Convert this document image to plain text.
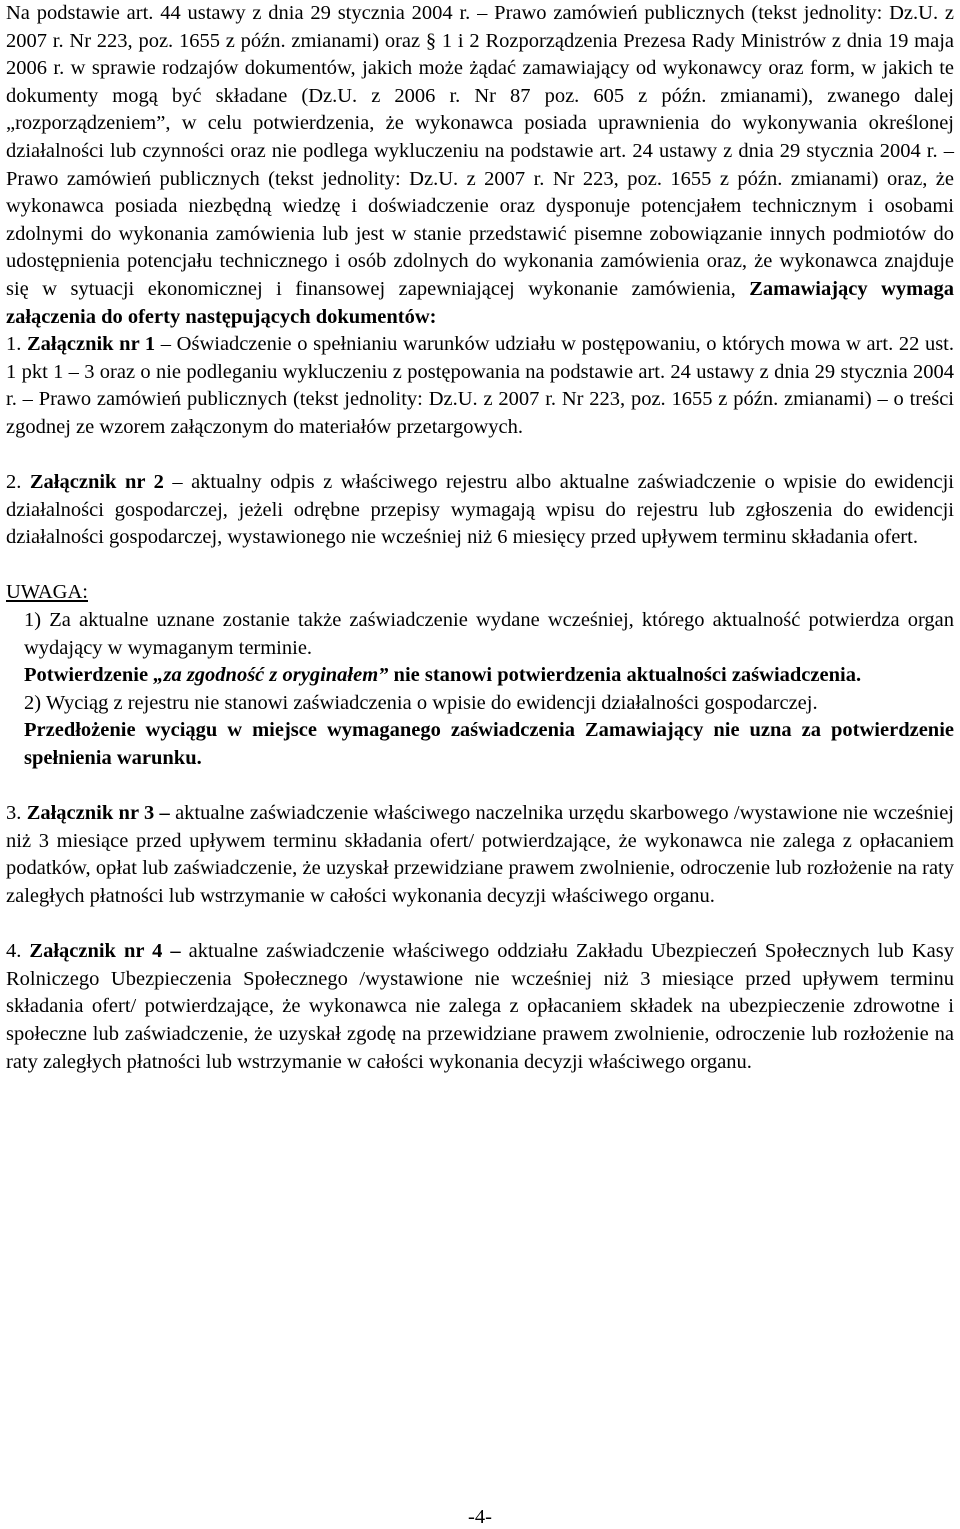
Na podstawie art. 44 ustawy z dnia 29 stycznia 2004 r. – Prawo zamówień publicznych (tekst jednolity: Dz.U. z 2007 r. Nr 223, poz. 1655 z późn. zmianami) oraz § 1 i 2 Rozporządzenia Prezesa Rady Ministrów z dnia 19 maja 2006 r. w sprawie rodzajów dokumentów, jakich może żądać zamawiający od wykonawcy oraz form, w jakich te dokumenty mogą być składane (Dz.U. z 2006 r. Nr 87 poz. 605 z późn. zmianami), zwanego dalej „rozporządzeniem”, w celu potwierdzenia, że wykonawca posiada uprawnienia do wykonywania określonej działalności lub czynności oraz nie podlega wykluczeniu na podstawie art. 24 ustawy z dnia 29 stycznia 2004 r. – Prawo zamówień publicznych (tekst jednolity: Dz.U. z 2007 r. Nr 223, poz. 1655 z późn. zmianami) oraz, że wykonawca posiada niezbędną wiedzę i doświadczenie oraz dysponuje potencjałem technicznym i osobami zdolnymi do wykonania zamówienia lub jest w stanie przedstawić pisemne zobowiązanie innych podmiotów do udostępnienia potencjału technicznego i osób zdolnych do wykonania zamówienia oraz, że wykonawca znajduje się w sytuacji ekonomicznej i finansowej zapewniającej wykonanie zamówienia, Zamawiający wymaga załączenia do oferty następujących dokumentów:

1. Załącznik nr 1 – Oświadczenie o spełnianiu warunków udziału w postępowaniu, o których mowa w art. 22 ust. 1 pkt 1 – 3 oraz o nie podleganiu wykluczeniu z postępowania na podstawie art. 24 ustawy z dnia 29 stycznia 2004 r. – Prawo zamówień publicznych (tekst jednolity: Dz.U. z 2007 r. Nr 223, poz. 1655 z późn. zmianami) – o treści zgodnej ze wzorem załączonym do materiałów przetargowych.

2. Załącznik nr 2 – aktualny odpis z właściwego rejestru albo aktualne zaświadczenie o wpisie do ewidencji działalności gospodarczej, jeżeli odrębne przepisy wymagają wpisu do rejestru lub zgłoszenia do ewidencji działalności gospodarczej, wystawionego nie wcześniej niż 6 miesięcy przed upływem terminu składania ofert.

UWAGA:

1) Za aktualne uznane zostanie także zaświadczenie wydane wcześniej, którego aktualność potwierdza organ wydający w wymaganym terminie.

Potwierdzenie „za zgodność z oryginałem” nie stanowi potwierdzenia aktualności zaświadczenia.

2) Wyciąg z rejestru nie stanowi zaświadczenia o wpisie do ewidencji działalności gospodarczej.

Przedłożenie wyciągu w miejsce wymaganego zaświadczenia Zamawiający nie uzna za potwierdzenie spełnienia warunku.

3. Załącznik nr 3 – aktualne zaświadczenie właściwego naczelnika urzędu skarbowego /wystawione nie wcześniej niż 3 miesiące przed upływem terminu składania ofert/ potwierdzające, że wykonawca nie zalega z opłacaniem podatków, opłat lub zaświadczenie, że uzyskał przewidziane prawem zwolnienie, odroczenie lub rozłożenie na raty zaległych płatności lub wstrzymanie w całości wykonania decyzji właściwego organu.

4. Załącznik nr 4 – aktualne zaświadczenie właściwego oddziału Zakładu Ubezpieczeń Społecznych lub Kasy Rolniczego Ubezpieczenia Społecznego /wystawione nie wcześniej niż 3 miesiące przed upływem terminu składania ofert/ potwierdzające, że wykonawca nie zalega z opłacaniem składek na ubezpieczenie zdrowotne i społeczne lub zaświadczenie, że uzyskał zgodę na przewidziane prawem zwolnienie, odroczenie lub rozłożenie na raty zaległych płatności lub wstrzymanie w całości wykonania decyzji właściwego organu.

-4-
